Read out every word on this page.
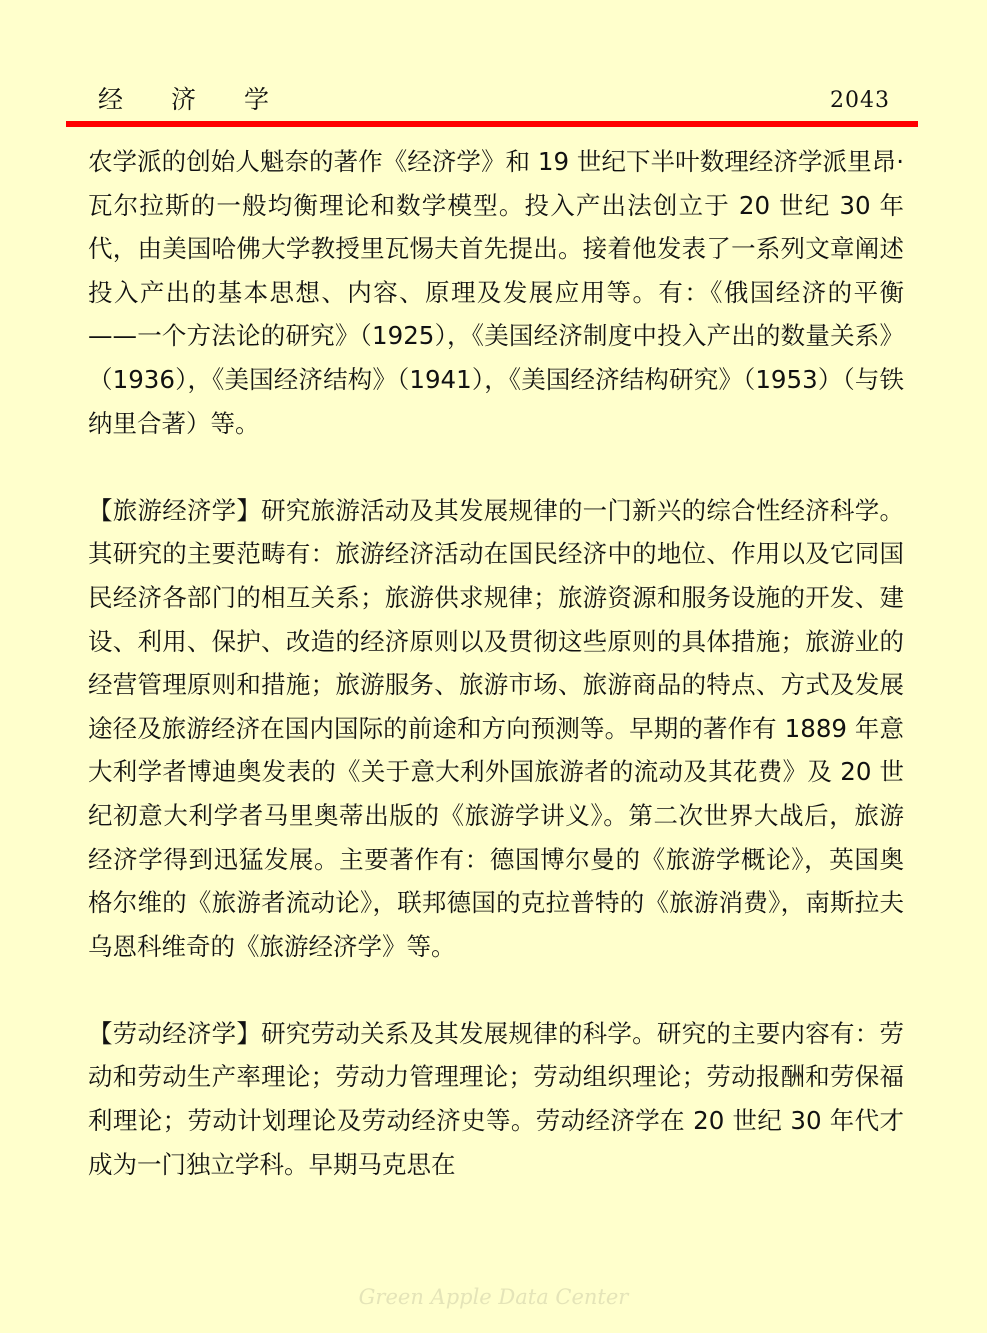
经济学	2043

农学派的创始人魁奈的著作《经济学》和 19 世纪下半叶数理经济学派里昂·瓦尔拉斯的一般均衡理论和数学模型。投入产出法创立于 20 世纪 30 年代，由美国哈佛大学教授里瓦惕夫首先提出。接着他发表了一系列文章阐述投入产出的基本思想、内容、原理及发展应用等。有：《俄国经济的平衡——一个方法论的研究》（1925），《美国经济制度中投入产出的数量关系》（1936），《美国经济结构》（1941），《美国经济结构研究》（1953）（与铁纳里合著）等。

【旅游经济学】研究旅游活动及其发展规律的一门新兴的综合性经济科学。其研究的主要范畴有：旅游经济活动在国民经济中的地位、作用以及它同国民经济各部门的相互关系；旅游供求规律；旅游资源和服务设施的开发、建设、利用、保护、改造的经济原则以及贯彻这些原则的具体措施；旅游业的经营管理原则和措施；旅游服务、旅游市场、旅游商品的特点、方式及发展途径及旅游经济在国内国际的前途和方向预测等。早期的著作有 1889 年意大利学者博迪奥发表的《关于意大利外国旅游者的流动及其花费》及 20 世纪初意大利学者马里奥蒂出版的《旅游学讲义》。第二次世界大战后，旅游经济学得到迅猛发展。主要著作有：德国博尔曼的《旅游学概论》，英国奥格尔维的《旅游者流动论》，联邦德国的克拉普特的《旅游消费》，南斯拉夫乌恩科维奇的《旅游经济学》等。

【劳动经济学】研究劳动关系及其发展规律的科学。研究的主要内容有：劳动和劳动生产率理论；劳动力管理理论；劳动组织理论；劳动报酬和劳保福利理论；劳动计划理论及劳动经济史等。劳动经济学在 20 世纪 30 年代才成为一门独立学科。早期马克思在

Green Apple Data Center
